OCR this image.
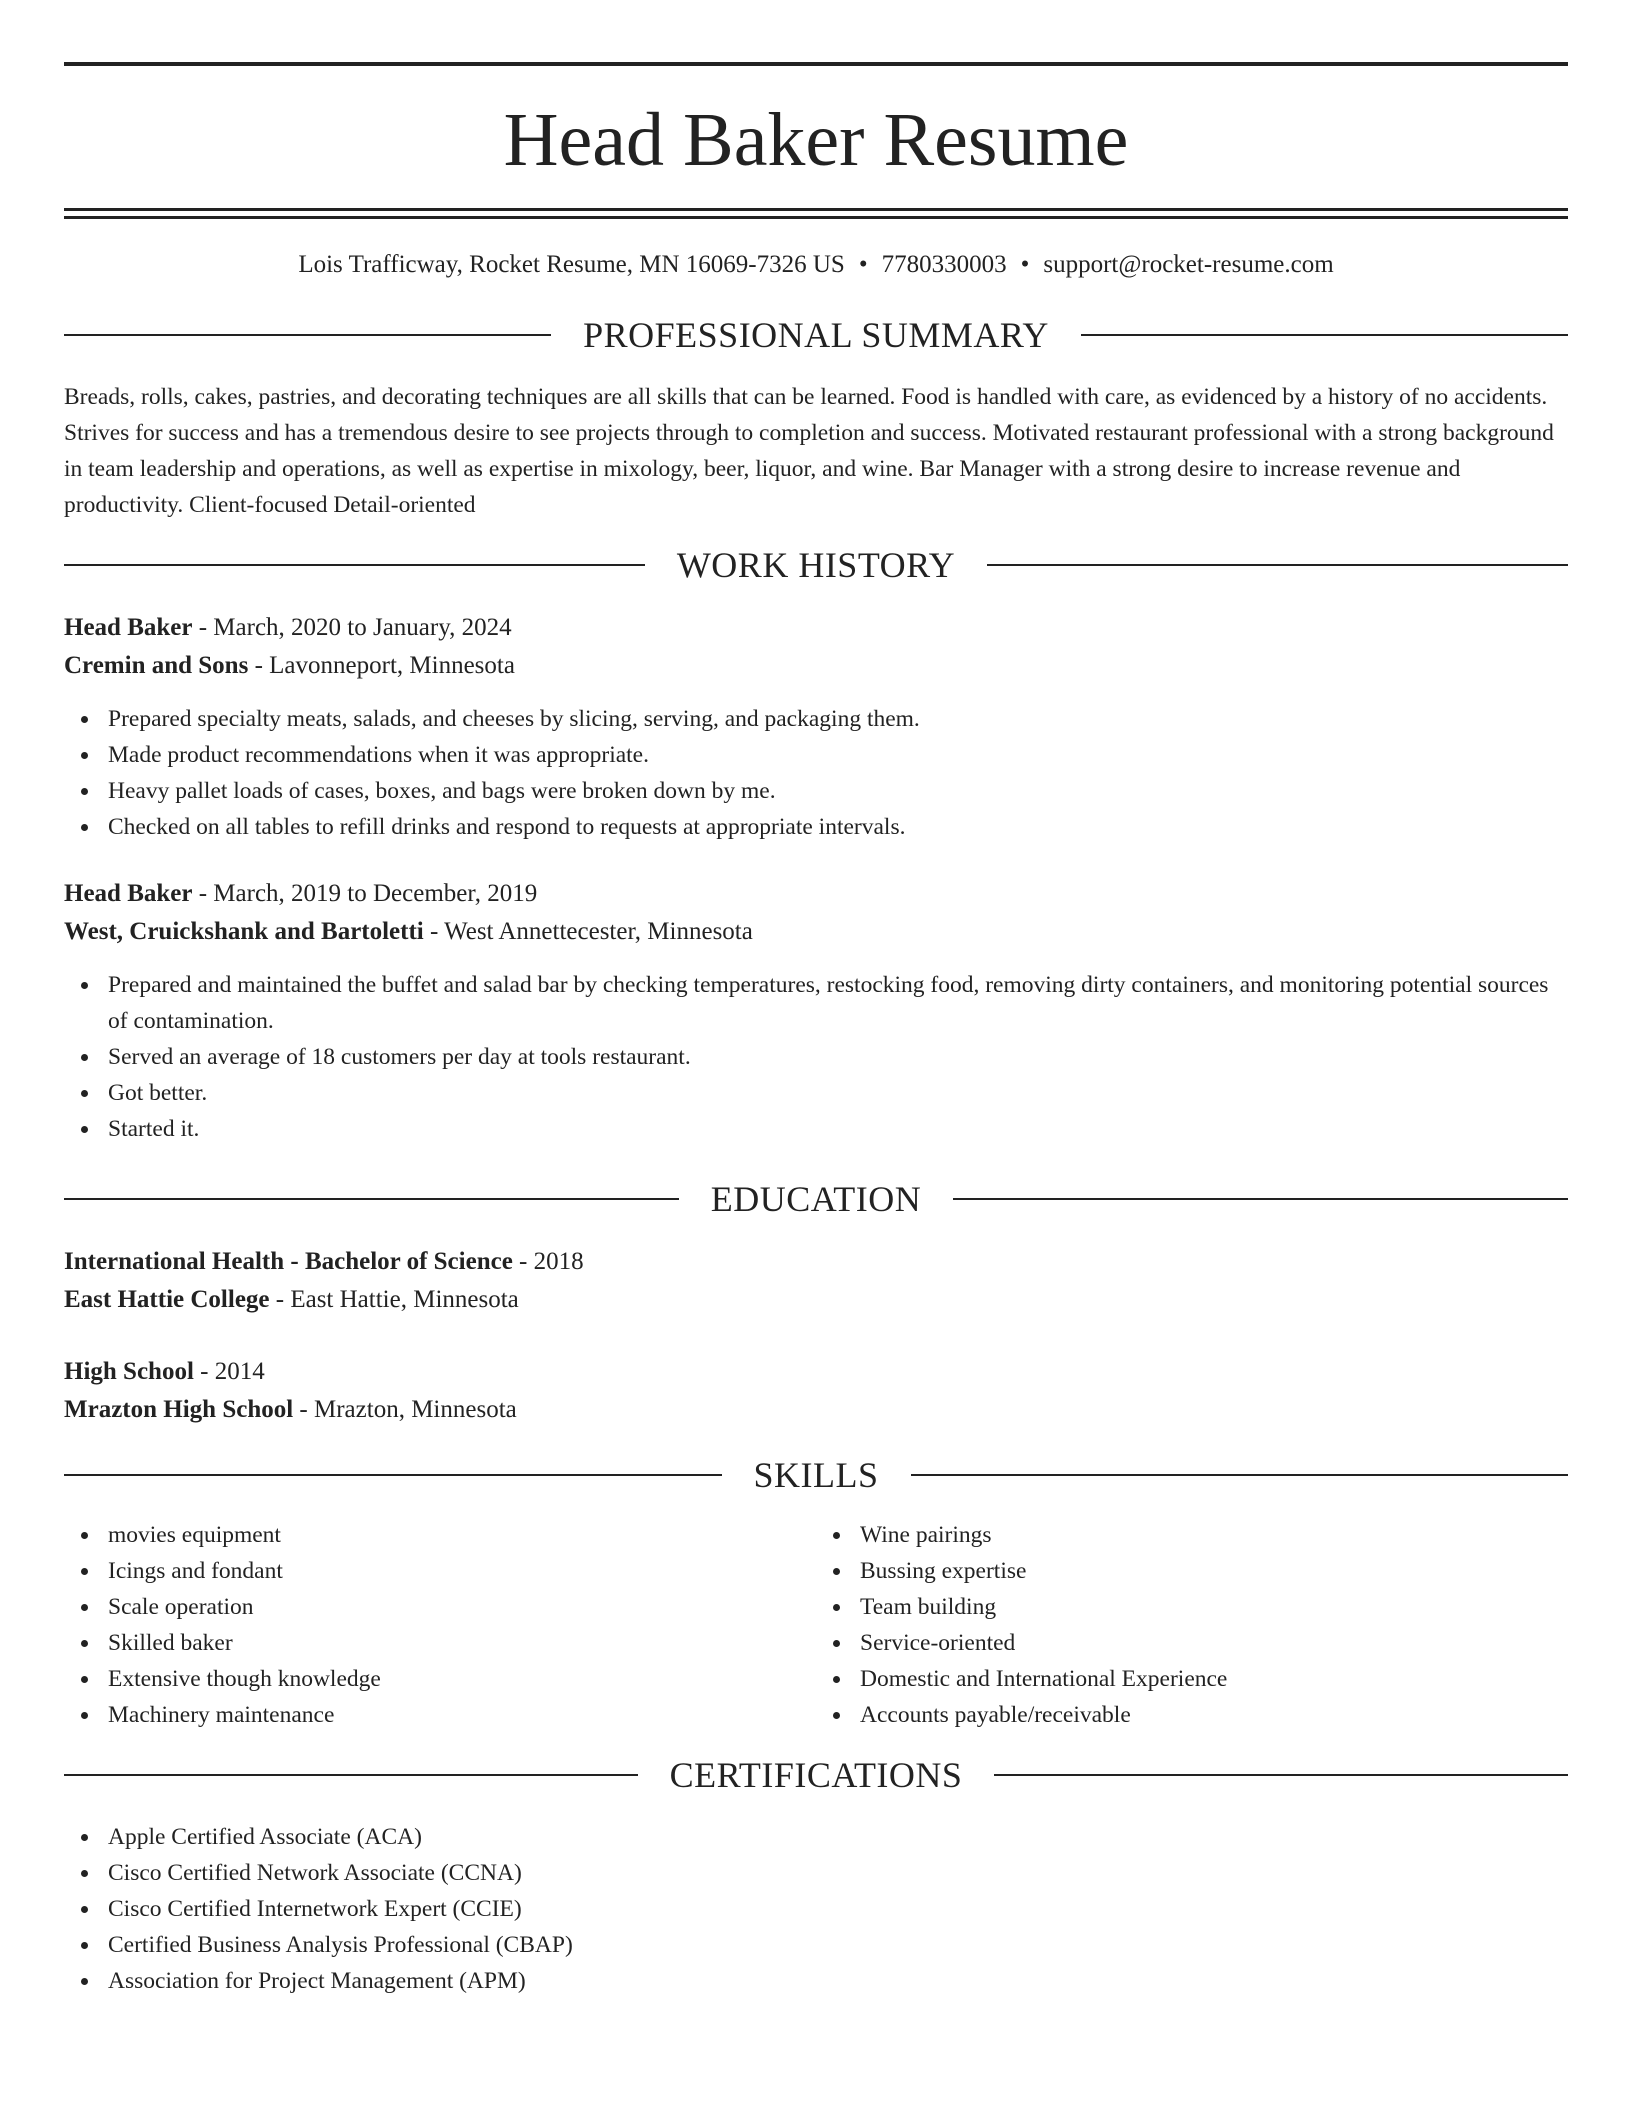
Head Baker Resume
Lois Trafficway, Rocket Resume, MN 16069-7326 US • 7780330003 • support@rocket-resume.com
PROFESSIONAL SUMMARY
Breads, rolls, cakes, pastries, and decorating techniques are all skills that can be learned. Food is handled with care, as evidenced by a history of no accidents. Strives for success and has a tremendous desire to see projects through to completion and success. Motivated restaurant professional with a strong background in team leadership and operations, as well as expertise in mixology, beer, liquor, and wine. Bar Manager with a strong desire to increase revenue and productivity. Client-focused Detail-oriented
WORK HISTORY
Head Baker - March, 2020 to January, 2024
Cremin and Sons - Lavonneport, Minnesota
Prepared specialty meats, salads, and cheeses by slicing, serving, and packaging them.
Made product recommendations when it was appropriate.
Heavy pallet loads of cases, boxes, and bags were broken down by me.
Checked on all tables to refill drinks and respond to requests at appropriate intervals.
Head Baker - March, 2019 to December, 2019
West, Cruickshank and Bartoletti - West Annettecester, Minnesota
Prepared and maintained the buffet and salad bar by checking temperatures, restocking food, removing dirty containers, and monitoring potential sources of contamination.
Served an average of 18 customers per day at tools restaurant.
Got better.
Started it.
EDUCATION
International Health - Bachelor of Science - 2018
East Hattie College - East Hattie, Minnesota
High School - 2014
Mrazton High School - Mrazton, Minnesota
SKILLS
movies equipment
Icings and fondant
Scale operation
Skilled baker
Extensive though knowledge
Machinery maintenance
Wine pairings
Bussing expertise
Team building
Service-oriented
Domestic and International Experience
Accounts payable/receivable
CERTIFICATIONS
Apple Certified Associate (ACA)
Cisco Certified Network Associate (CCNA)
Cisco Certified Internetwork Expert (CCIE)
Certified Business Analysis Professional (CBAP)
Association for Project Management (APM)
